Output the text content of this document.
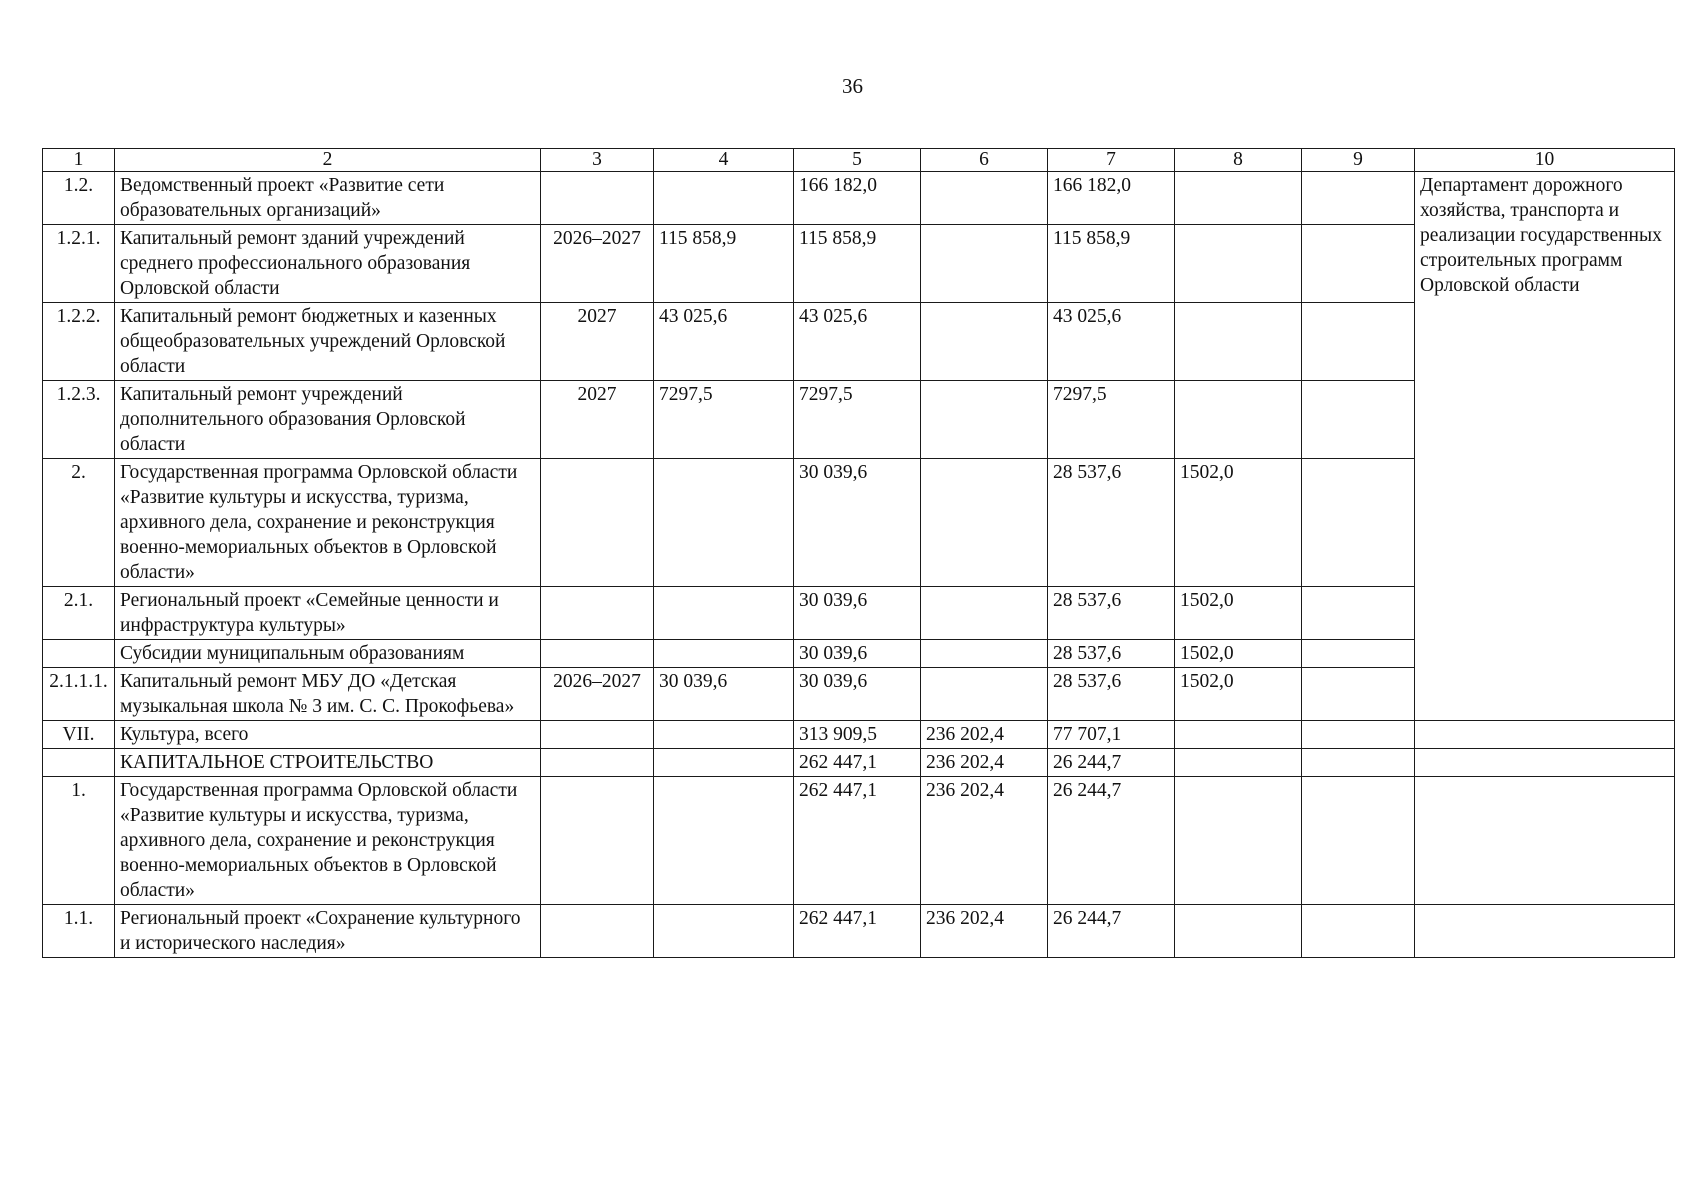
36
1	2	3	4	5	6	7	8	9	10
1.2.	Ведомственный проект «Развитие сети образовательных организаций»			166 182,0		166 182,0			Департамент дорожного хозяйства, транспорта и реализации государственных строительных программ Орловской области
1.2.1.	Капитальный ремонт зданий учреждений среднего профессионального образования Орловской области	2026–2027	115 858,9	115 858,9		115 858,9			
1.2.2.	Капитальный ремонт бюджетных и казенных общеобразовательных учреждений Орловской области	2027	43 025,6	43 025,6		43 025,6			
1.2.3.	Капитальный ремонт учреждений дополнительного образования Орловской области	2027	7297,5	7297,5		7297,5			
2.	Государственная программа Орловской области «Развитие культуры и искусства, туризма, архивного дела, сохранение и реконструкция военно-мемориальных объектов в Орловской области»			30 039,6		28 537,6	1502,0		
2.1.	Региональный проект «Семейные ценности и инфраструктура культуры»			30 039,6		28 537,6	1502,0		
	Субсидии муниципальным образованиям			30 039,6		28 537,6	1502,0		
2.1.1.1.	Капитальный ремонт МБУ ДО «Детская музыкальная школа № 3 им. С. С. Прокофьева»	2026–2027	30 039,6	30 039,6		28 537,6	1502,0		
VII.	Культура, всего			313 909,5	236 202,4	77 707,1			
	КАПИТАЛЬНОЕ СТРОИТЕЛЬСТВО			262 447,1	236 202,4	26 244,7			
1.	Государственная программа Орловской области «Развитие культуры и искусства, туризма, архивного дела, сохранение и реконструкция военно-мемориальных объектов в Орловской области»			262 447,1	236 202,4	26 244,7			
1.1.	Региональный проект «Сохранение культурного и исторического наследия»			262 447,1	236 202,4	26 244,7			
